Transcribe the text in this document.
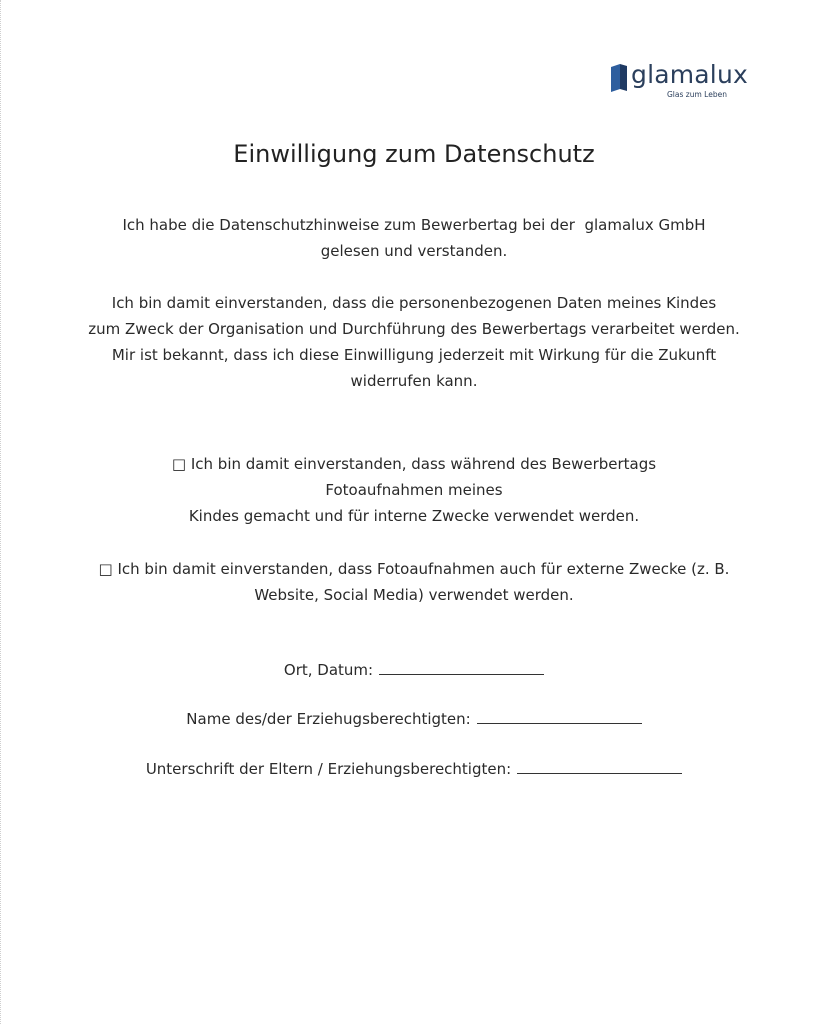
glamalux
Glas zum Leben
Einwilligung zum Datenschutz

Ich habe die Datenschutzhinweise zum Bewerbertag bei der  glamalux GmbH
gelesen und verstanden.

Ich bin damit einverstanden, dass die personenbezogenen Daten meines Kindes
zum Zweck der Organisation und Durchführung des Bewerbertags verarbeitet werden.
Mir ist bekannt, dass ich diese Einwilligung jederzeit mit Wirkung für die Zukunft
widerrufen kann.

□ Ich bin damit einverstanden, dass während des Bewerbertags
Fotoaufnahmen meines
Kindes gemacht und für interne Zwecke verwendet werden.

□ Ich bin damit einverstanden, dass Fotoaufnahmen auch für externe Zwecke (z. B.
Website, Social Media) verwendet werden.

Ort, Datum:
Name des/der Erziehugsberechtigten:
Unterschrift der Eltern / Erziehungsberechtigten:
